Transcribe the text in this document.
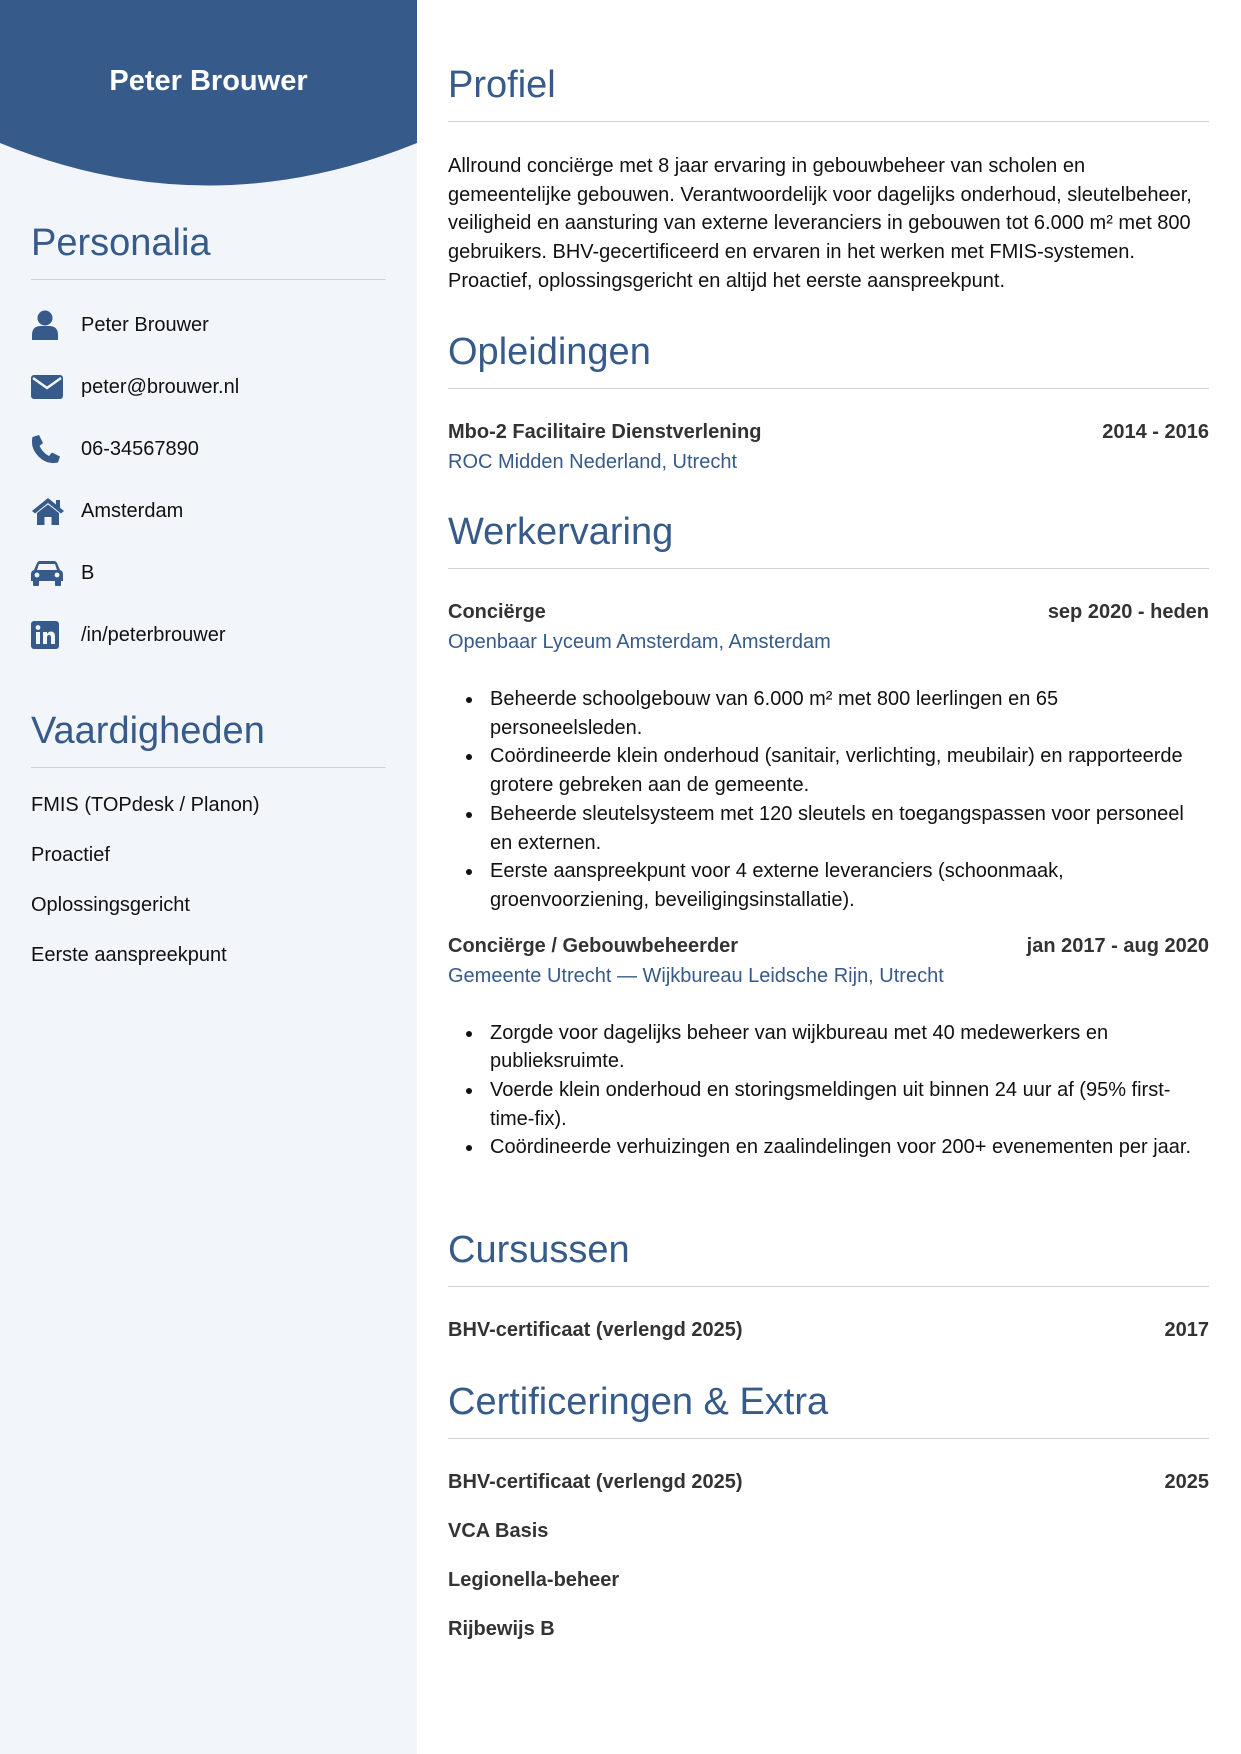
Peter Brouwer
Personalia
Peter Brouwer
peter@brouwer.nl
06-34567890
Amsterdam
B
/in/peterbrouwer
Vaardigheden
FMIS (TOPdesk / Planon)
Proactief
Oplossingsgericht
Eerste aanspreekpunt
Profiel

Allround conciërge met 8 jaar ervaring in gebouwbeheer van scholen en gemeentelijke gebouwen. Verantwoordelijk voor dagelijks onderhoud, sleutelbeheer, veiligheid en aansturing van externe leveranciers in gebouwen tot 6.000 m² met 800 gebruikers. BHV-gecertificeerd en ervaren in het werken met FMIS-systemen. Proactief, oplossingsgericht en altijd het eerste aanspreekpunt.

Opleidingen
Mbo-2 Facilitaire Dienstverlening	2014 - 2016
ROC Midden Nederland, Utrecht
Werkervaring
Conciërge	sep 2020 - heden
Openbaar Lyceum Amsterdam, Amsterdam
Beheerde schoolgebouw van 6.000 m² met 800 leerlingen en 65 personeelsleden.
Coördineerde klein onderhoud (sanitair, verlichting, meubilair) en rapporteerde grotere gebreken aan de gemeente.
Beheerde sleutelsysteem met 120 sleutels en toegangspassen voor personeel en externen.
Eerste aanspreekpunt voor 4 externe leveranciers (schoonmaak, groenvoorziening, beveiligingsinstallatie).
Conciërge / Gebouwbeheerder	jan 2017 - aug 2020
Gemeente Utrecht — Wijkbureau Leidsche Rijn, Utrecht
Zorgde voor dagelijks beheer van wijkbureau met 40 medewerkers en publieksruimte.
Voerde klein onderhoud en storingsmeldingen uit binnen 24 uur af (95% first-time-fix).
Coördineerde verhuizingen en zaalindelingen voor 200+ evenementen per jaar.
Cursussen
BHV-certificaat (verlengd 2025)	2017
Certificeringen & Extra
BHV-certificaat (verlengd 2025)	2025
VCA Basis
Legionella-beheer
Rijbewijs B
